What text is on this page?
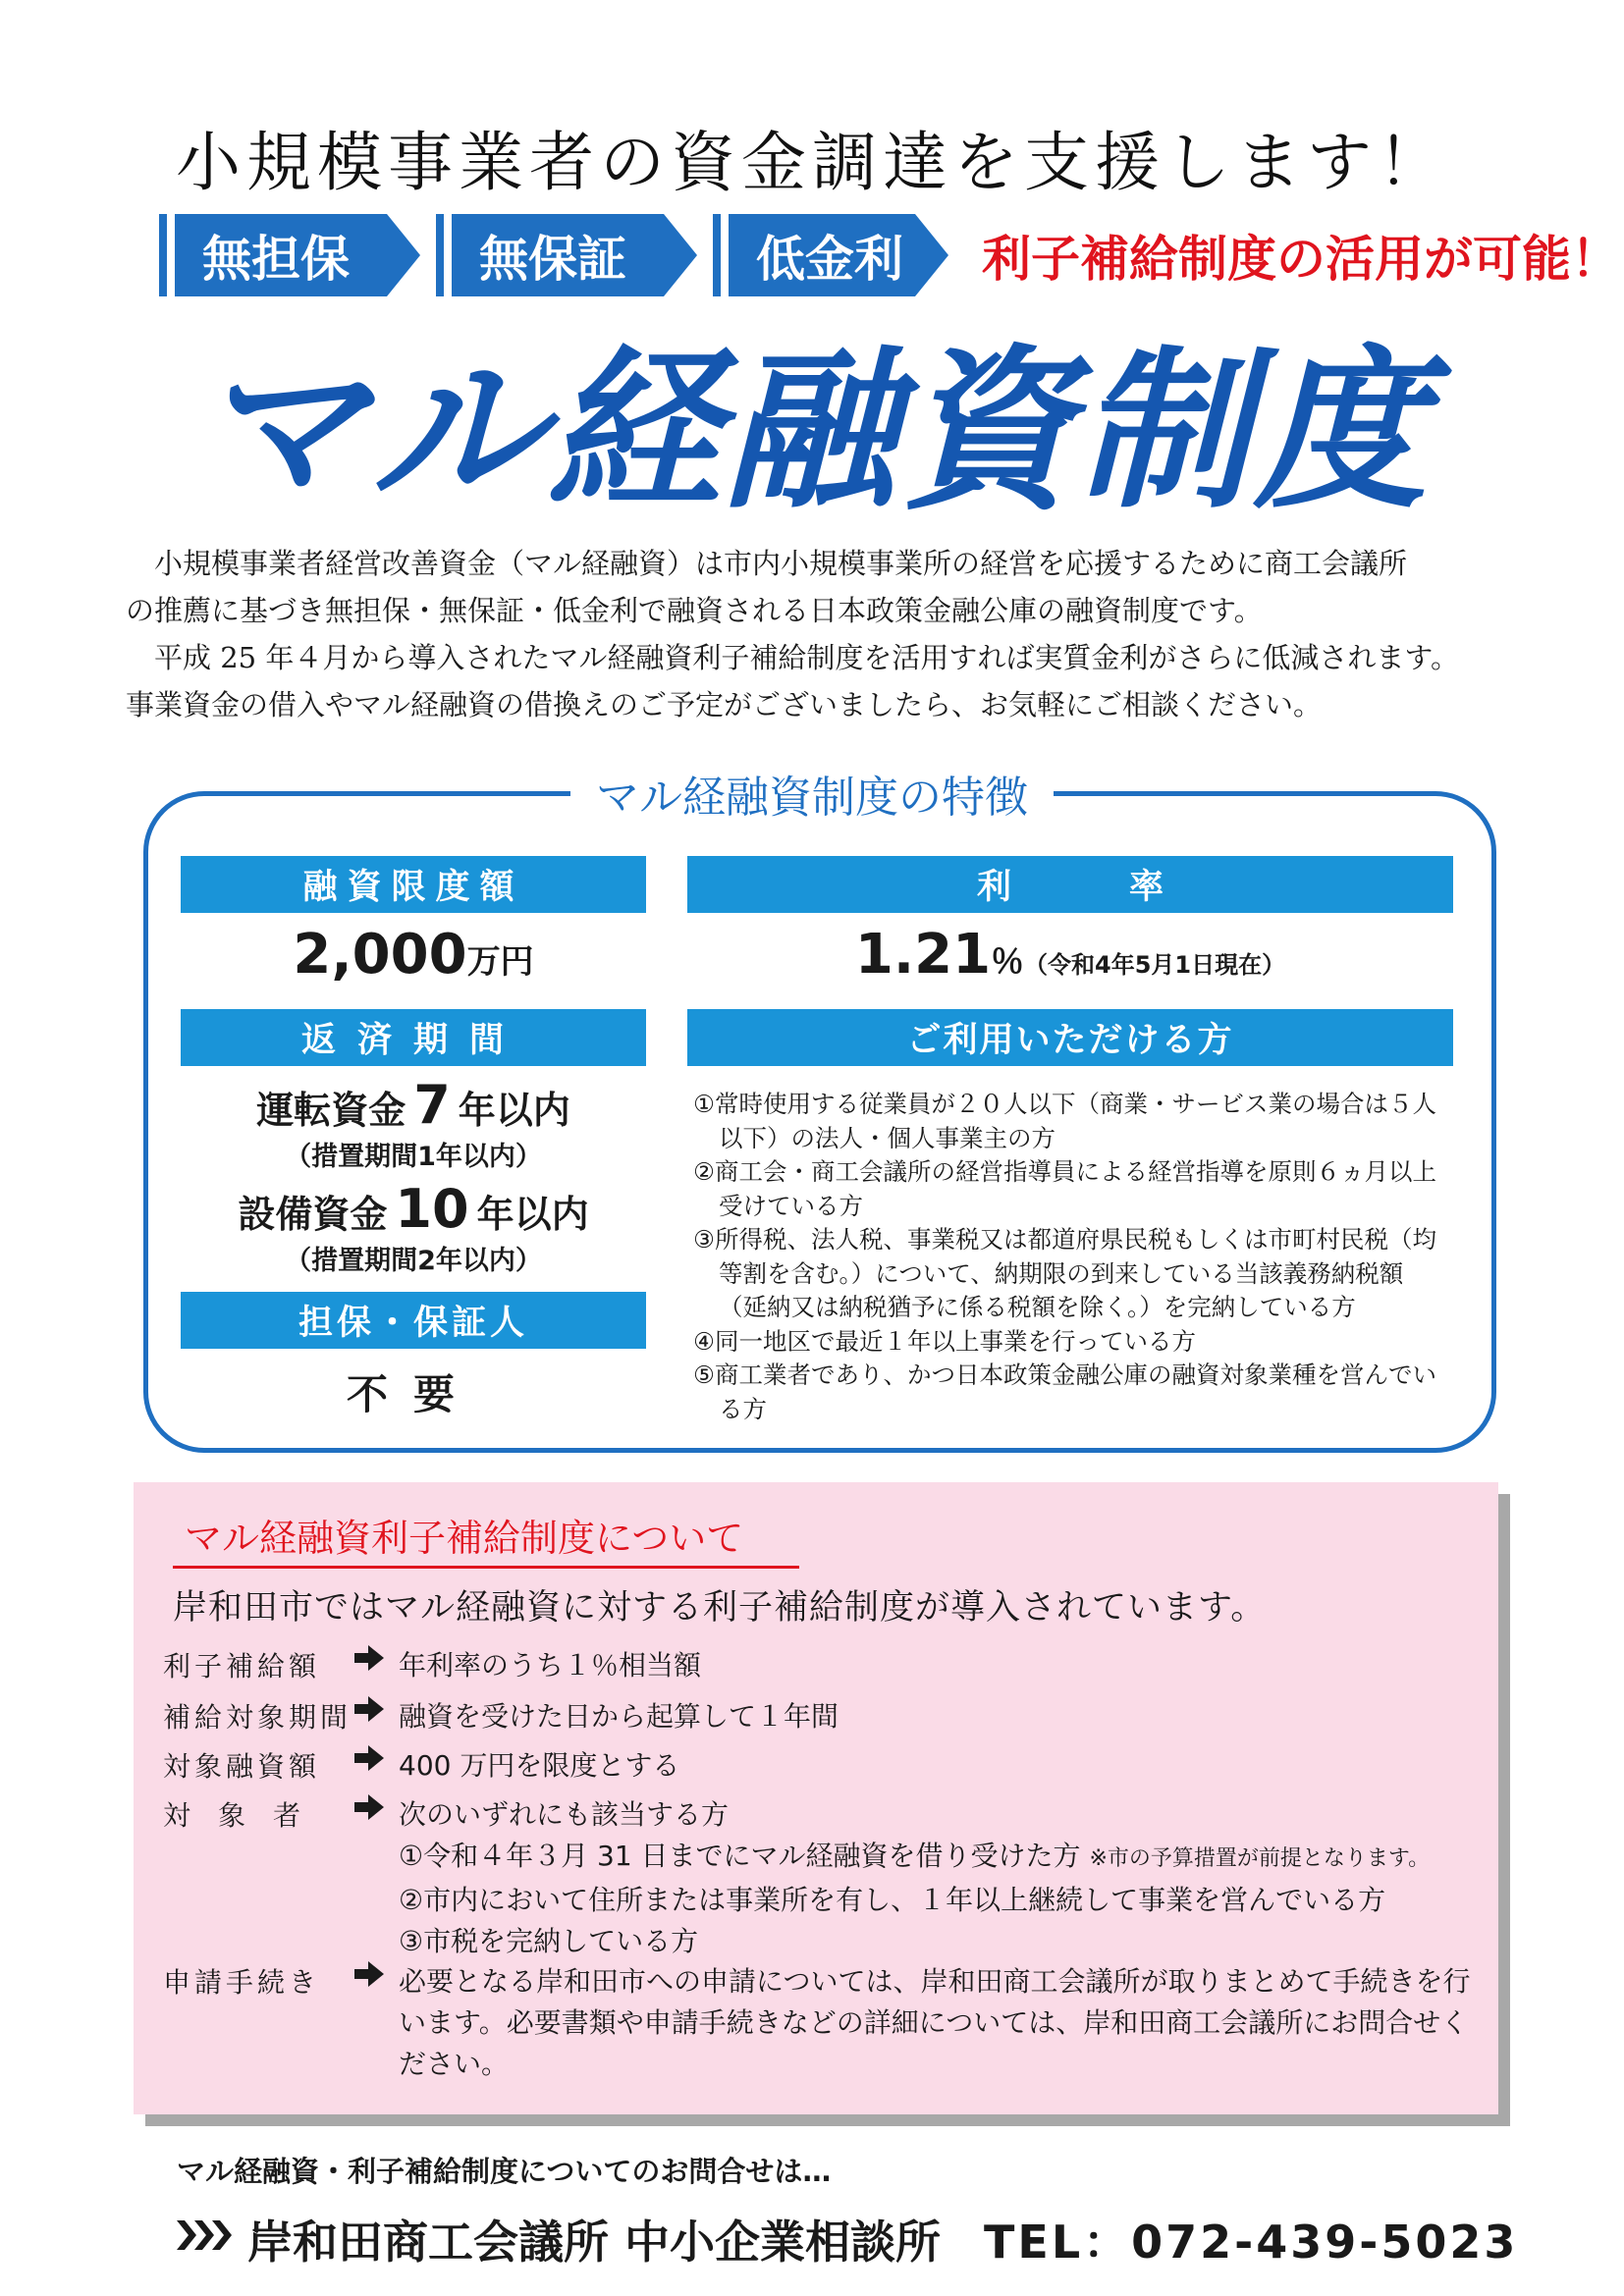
小規模事業者の資金調達を支援します！
無担保	無保証	低金利 利子補給制度の活用が可能！
マル経融資制度

小規模事業者経営改善資金（マル経融資）は市内小規模事業所の経営を応援するために商工会議所

の推薦に基づき無担保・無保証・低金利で融資される日本政策金融公庫の融資制度です。

平成 25 年４月から導入されたマル経融資利子補給制度を活用すれば実質金利がさらに低減されます。

事業資金の借入やマル経融資の借換えのご予定がございましたら、お気軽にご相談ください。

マル経融資制度の特徴
融資限度額
2,000万円
利率
1.21％（令和4年5月1日現在）
返済期間
運転資金 7 年以内
（措置期間1年以内）
設備資金 10 年以内
（措置期間2年以内）
担保・保証人
不要
ご利用いただける方
①常時使用する従業員が２０人以下（商業・サービス業の場合は５人以下）の法人・個人事業主の方
②商工会・商工会議所の経営指導員による経営指導を原則６ヵ月以上受けている方
③所得税、法人税、事業税又は都道府県民税もしくは市町村民税（均等割を含む。）について、納期限の到来している当該義務納税額（延納又は納税猶予に係る税額を除く。）を完納している方
④同一地区で最近１年以上事業を行っている方
⑤商工業者であり、かつ日本政策金融公庫の融資対象業種を営んでいる方
マル経融資利子補給制度について
岸和田市ではマル経融資に対する利子補給制度が導入されています。
利子補給額	年利率のうち１％相当額
補給対象期間 融資を受けた日から起算して１年間
対象融資額	400 万円を限度とする
対　象　者	次のいずれにも該当する方
①令和４年３月 31 日までにマル経融資を借り受けた方 ※市の予算措置が前提となります。
②市内において住所または事業所を有し、１年以上継続して事業を営んでいる方
③市税を完納している方
申請手続き	必要となる岸和田市への申請については、岸和田商工会議所が取りまとめて手続きを行います。必要書類や申請手続きなどの詳細については、岸和田商工会議所にお問合せください。
マル経融資・利子補給制度についてのお問合せは…
岸和田商工会議所 中小企業相談所 TEL：072-439-5023
